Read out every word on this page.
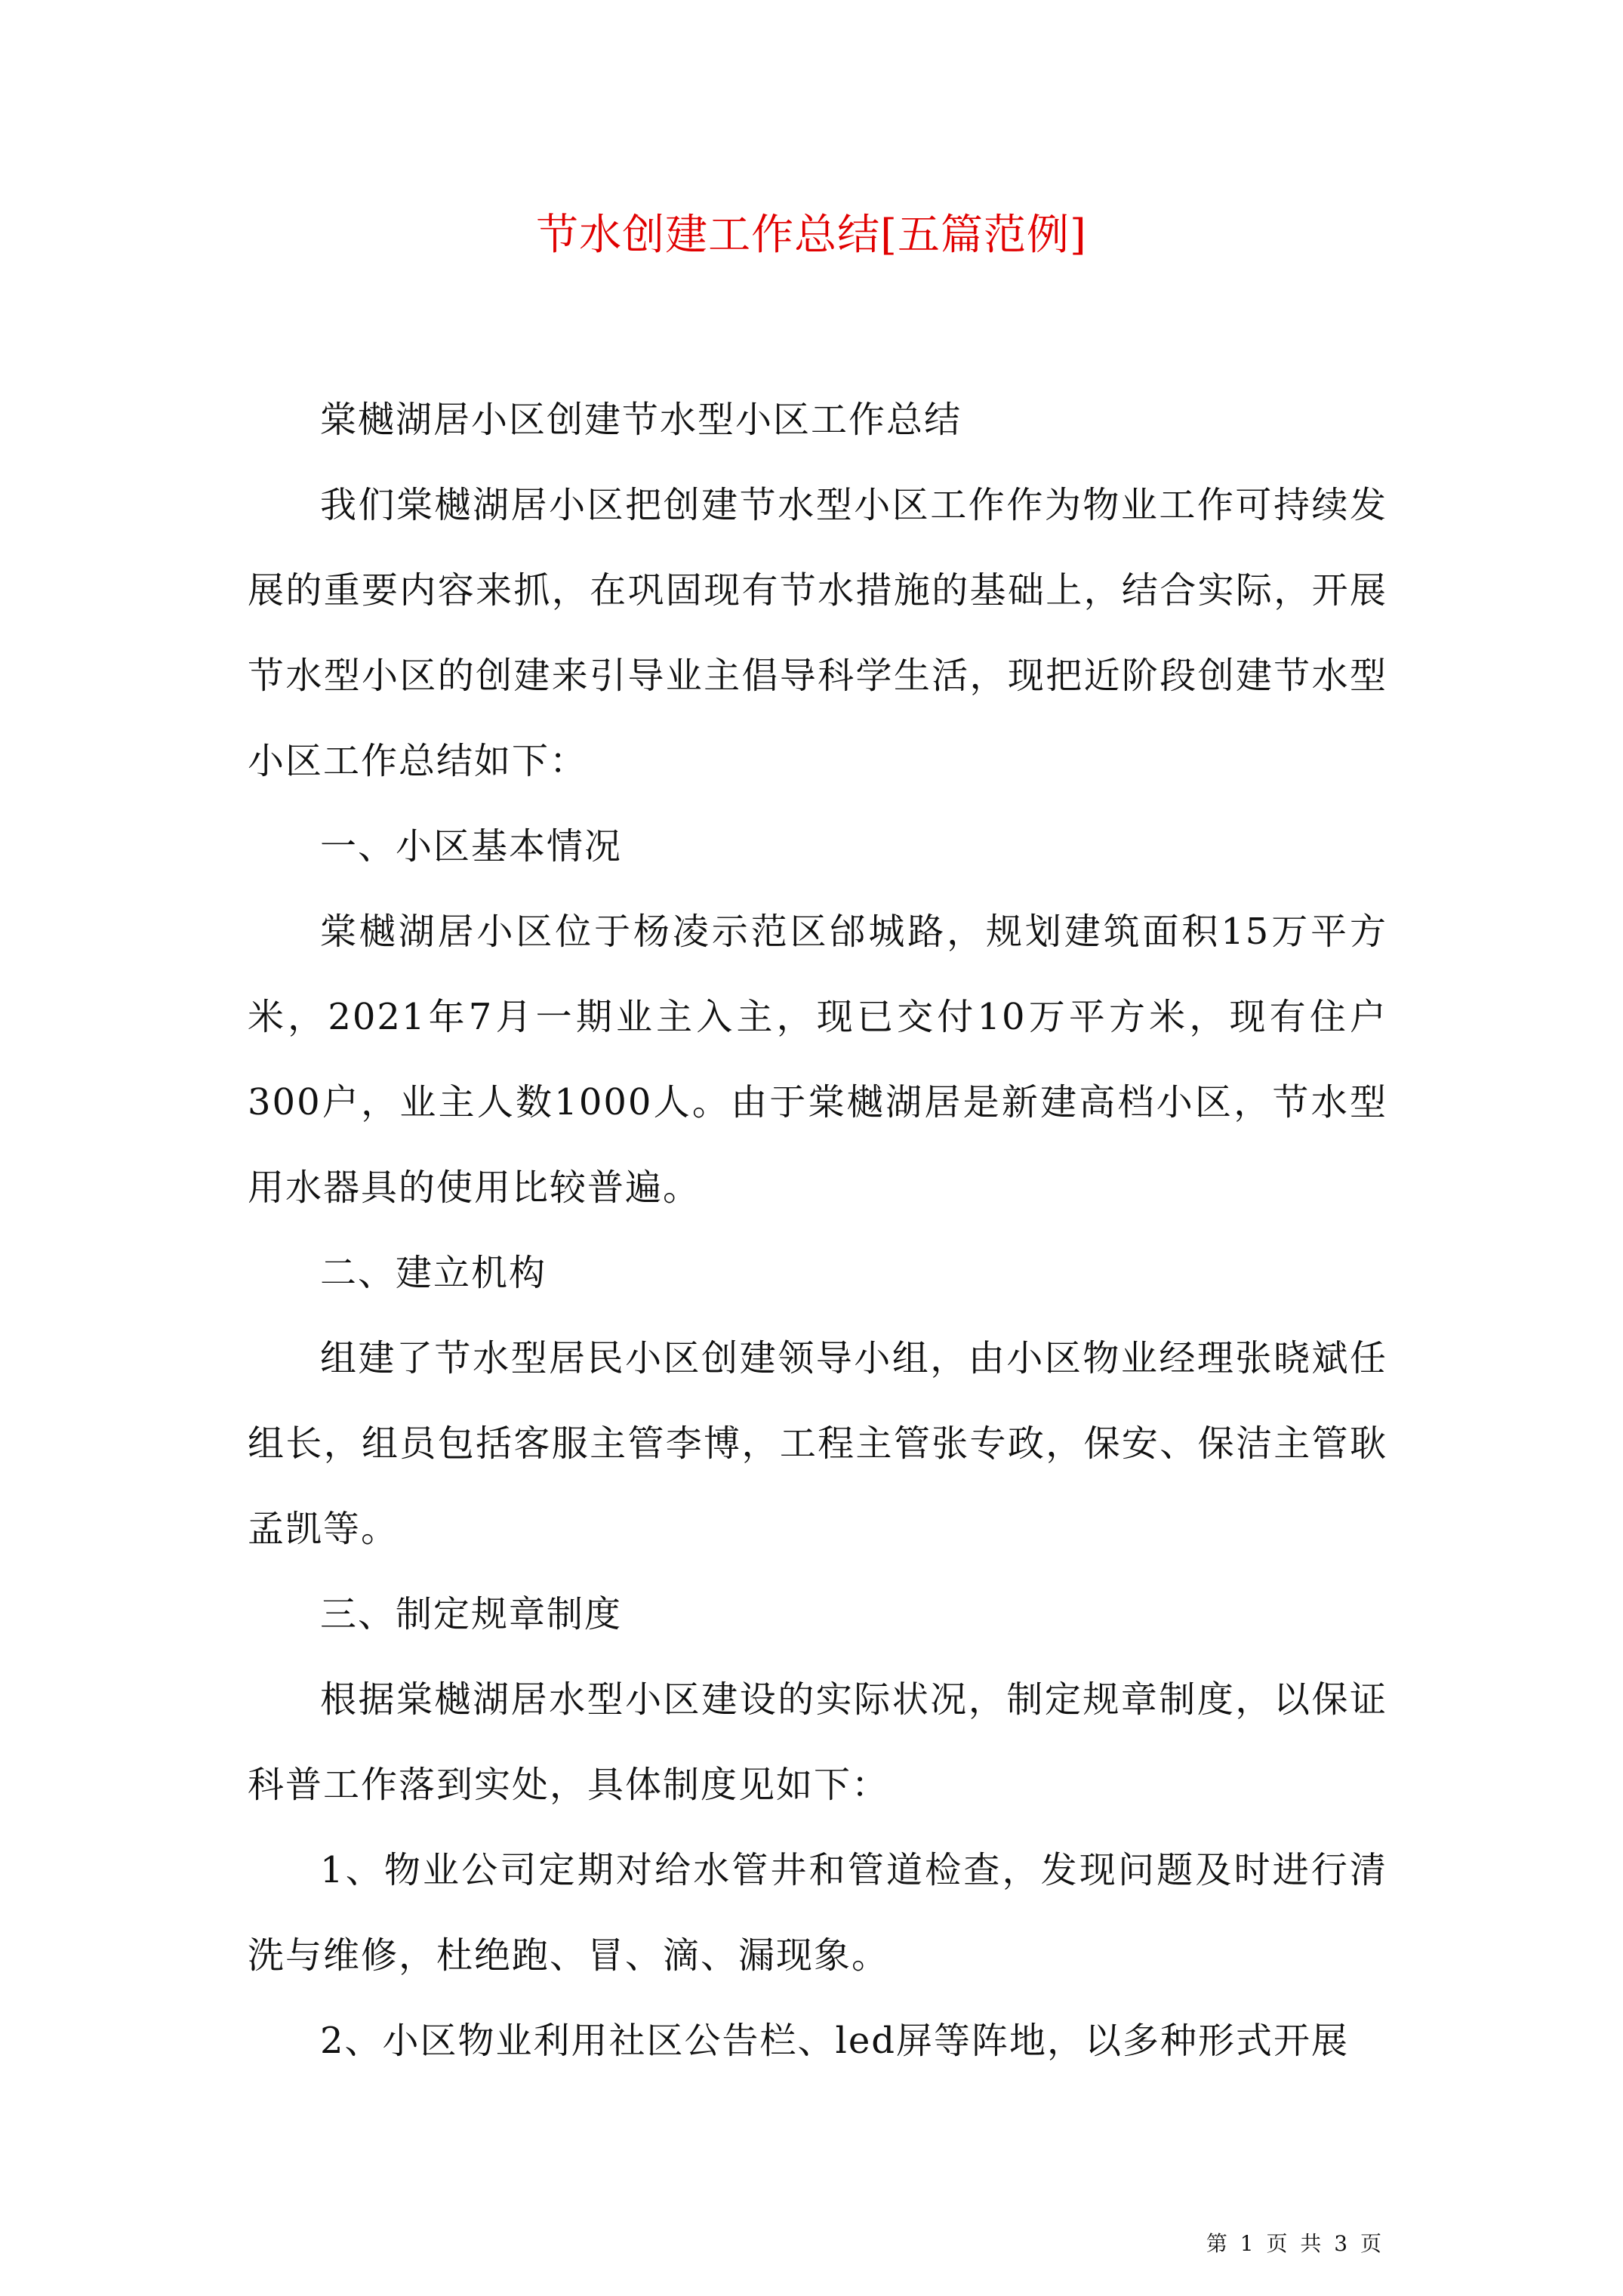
节水创建工作总结[五篇范例]

棠樾湖居小区创建节水型小区工作总结

我们棠樾湖居小区把创建节水型小区工作作为物业工作可持续发展的重要内容来抓，在巩固现有节水措施的基础上，结合实际，开展节水型小区的创建来引导业主倡导科学生活，现把近阶段创建节水型小区工作总结如下：

一、小区基本情况

棠樾湖居小区位于杨凌示范区邰城路，规划建筑面积15万平方米，2021年7月一期业主入主，现已交付10万平方米，现有住户300户，业主人数1000人。由于棠樾湖居是新建高档小区，节水型用水器具的使用比较普遍。

二、建立机构

组建了节水型居民小区创建领导小组，由小区物业经理张晓斌任组长，组员包括客服主管李博，工程主管张专政，保安、保洁主管耿孟凯等。

三、制定规章制度

根据棠樾湖居水型小区建设的实际状况，制定规章制度，以保证科普工作落到实处，具体制度见如下：

1、物业公司定期对给水管井和管道检查，发现问题及时进行清洗与维修，杜绝跑、冒、滴、漏现象。

2、小区物业利用社区公告栏、led屏等阵地，以多种形式开展

第 1 页 共 3 页
